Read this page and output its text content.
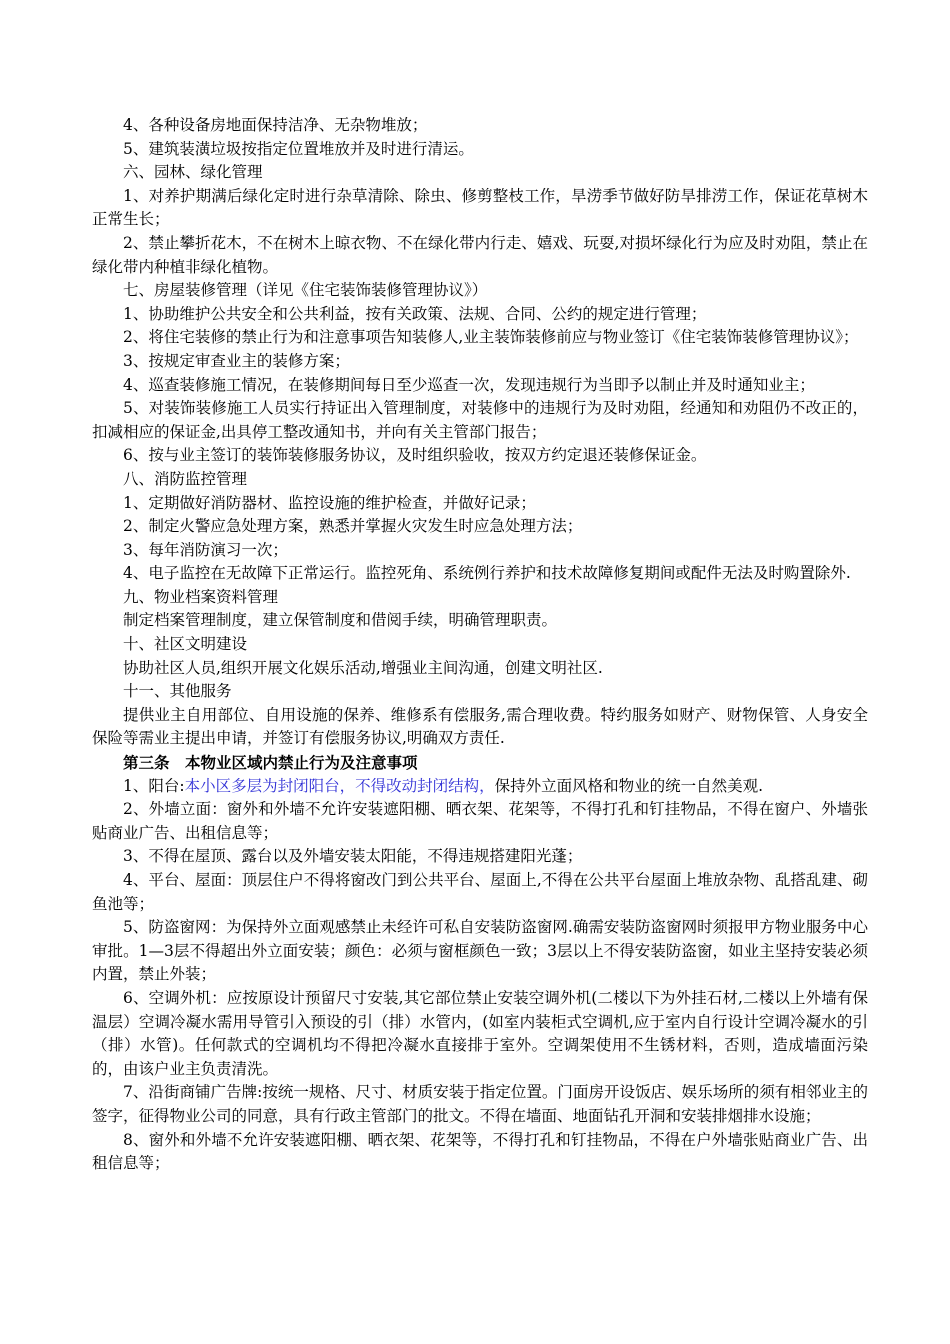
4、各种设备房地面保持洁净、无杂物堆放；

5、建筑装潢垃圾按指定位置堆放并及时进行清运。

六、园林、绿化管理

1、对养护期满后绿化定时进行杂草清除、除虫、修剪整枝工作，旱涝季节做好防旱排涝工作，保证花草树木正常生长；

2、禁止攀折花木，不在树木上晾衣物、不在绿化带内行走、嬉戏、玩耍,对损坏绿化行为应及时劝阻，禁止在绿化带内种植非绿化植物。

七、房屋装修管理（详见《住宅装饰装修管理协议》）

1、协助维护公共安全和公共利益，按有关政策、法规、合同、公约的规定进行管理；

2、将住宅装修的禁止行为和注意事项告知装修人,业主装饰装修前应与物业签订《住宅装饰装修管理协议》；

3、按规定审查业主的装修方案；

4、巡查装修施工情况，在装修期间每日至少巡查一次，发现违规行为当即予以制止并及时通知业主；

5、对装饰装修施工人员实行持证出入管理制度，对装修中的违规行为及时劝阻，经通知和劝阻仍不改正的，扣减相应的保证金,出具停工整改通知书，并向有关主管部门报告；

6、按与业主签订的装饰装修服务协议，及时组织验收，按双方约定退还装修保证金。

八、消防监控管理

1、定期做好消防器材、监控设施的维护检查，并做好记录；

2、制定火警应急处理方案，熟悉并掌握火灾发生时应急处理方法；

3、每年消防演习一次；

4、电子监控在无故障下正常运行。监控死角、系统例行养护和技术故障修复期间或配件无法及时购置除外.

九、物业档案资料管理

制定档案管理制度，建立保管制度和借阅手续，明确管理职责。

十、社区文明建设

协助社区人员,组织开展文化娱乐活动,增强业主间沟通，创建文明社区.

十一、其他服务

提供业主自用部位、自用设施的保养、维修系有偿服务,需合理收费。特约服务如财产、财物保管、人身安全保险等需业主提出申请，并签订有偿服务协议,明确双方责任.

第三条　本物业区域内禁止行为及注意事项

1、阳台:本小区多层为封闭阳台，不得改动封闭结构，保持外立面风格和物业的统一自然美观.

2、外墙立面：窗外和外墙不允许安装遮阳棚、晒衣架、花架等，不得打孔和钉挂物品，不得在窗户、外墙张贴商业广告、出租信息等；

3、不得在屋顶、露台以及外墙安装太阳能，不得违规搭建阳光蓬；

4、平台、屋面：顶层住户不得将窗改门到公共平台、屋面上,不得在公共平台屋面上堆放杂物、乱搭乱建、砌鱼池等；

5、防盗窗网：为保持外立面观感禁止未经许可私自安装防盗窗网.确需安装防盗窗网时须报甲方物业服务中心审批。1—3层不得超出外立面安装；颜色：必须与窗框颜色一致；3层以上不得安装防盗窗，如业主坚持安装必须内置，禁止外装；

6、空调外机：应按原设计预留尺寸安装,其它部位禁止安装空调外机(二楼以下为外挂石材,二楼以上外墙有保温层）空调冷凝水需用导管引入预设的引（排）水管内，(如室内装柜式空调机,应于室内自行设计空调冷凝水的引（排）水管)。任何款式的空调机均不得把冷凝水直接排于室外。空调架使用不生锈材料，否则，造成墙面污染的，由该户业主负责清洗。

7、沿街商铺广告牌:按统一规格、尺寸、材质安装于指定位置。门面房开设饭店、娱乐场所的须有相邻业主的签字，征得物业公司的同意，具有行政主管部门的批文。不得在墙面、地面钻孔开洞和安装排烟排水设施；

8、窗外和外墙不允许安装遮阳棚、晒衣架、花架等，不得打孔和钉挂物品，不得在户外墙张贴商业广告、出租信息等；
